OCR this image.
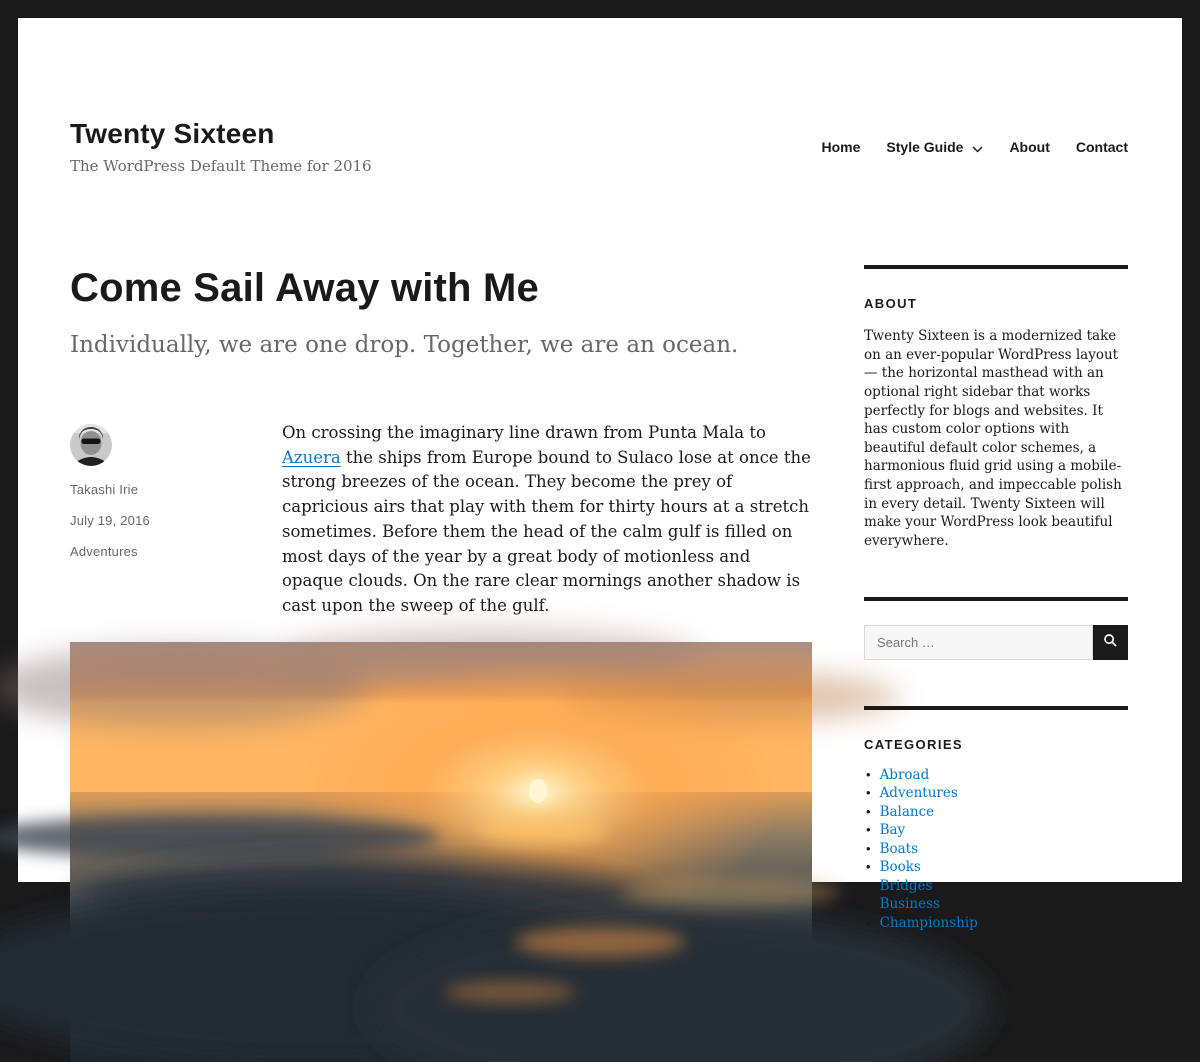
Twenty Sixteen
The WordPress Default Theme for 2016
Home Style Guide	About Contact
Come Sail Away with Me

Individually, we are one drop. Together, we are an ocean.

Takashi Irie
July 19, 2016
Adventures

On crossing the imaginary line drawn from Punta Mala to Azuera the ships from Europe bound to Sulaco lose at once the strong breezes of the ocean. They become the prey of capricious airs that play with them for thirty hours at a stretch sometimes. Before them the head of the calm gulf is filled on most days of the year by a great body of motionless and opaque clouds. On the rare clear mornings another shadow is cast upon the sweep of the gulf.

ABOUT

Twenty Sixteen is a modernized take on an ever-popular WordPress layout — the horizontal masthead with an optional right sidebar that works perfectly for blogs and websites. It has custom color options with beautiful default color schemes, a harmonious fluid grid using a mobile-first approach, and impeccable polish in every detail. Twenty Sixteen will make your WordPress look beautiful everywhere.

Search …
CATEGORIES
• Abroad
• Adventures
• Balance
• Bay
• Boats
• Books
• Bridges
• Business
• Championship
